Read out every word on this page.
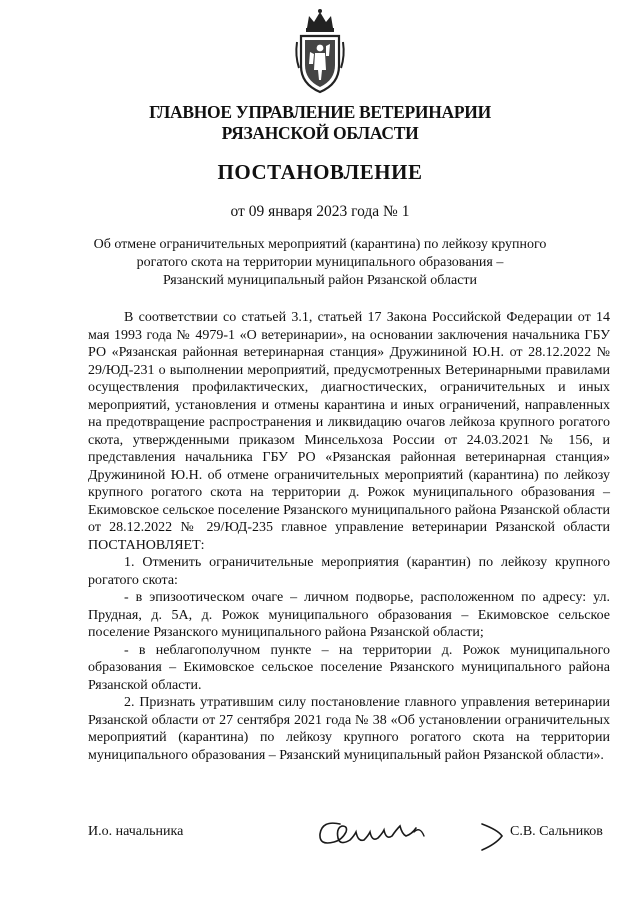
ГЛАВНОЕ УПРАВЛЕНИЕ ВЕТЕРИНАРИИ
РЯЗАНСКОЙ ОБЛАСТИ
ПОСТАНОВЛЕНИЕ
от 09 января 2023 года № 1
Об отмене ограничительных мероприятий (карантина) по лейкозу крупного
рогатого скота на территории муниципального образования –
Рязанский муниципальный район Рязанской области

В соответствии со статьей 3.1, статьей 17 Закона Российской Федерации от 14 мая 1993 года № 4979-1 «О ветеринарии», на основании заключения начальника ГБУ РО «Рязанская районная ветеринарная станция» Дружининой Ю.Н. от 28.12.2022 № 29/ЮД-231 о выполнении мероприятий, предусмотренных Ветеринарными правилами осуществления профилактических, диагностических, ограничительных и иных мероприятий, установления и отмены карантина и иных ограничений, направленных на предотвращение распространения и ликвидацию очагов лейкоза крупного рогатого скота, утвержденными приказом Минсельхоза России от 24.03.2021 № 156, и представления начальника ГБУ РО «Рязанская районная ветеринарная станция» Дружининой Ю.Н. об отмене ограничительных мероприятий (карантина) по лейкозу крупного рогатого скота на территории д. Рожок муниципального образования – Екимовское сельское поселение Рязанского муниципального района Рязанской области от 28.12.2022 № 29/ЮД-235 главное управление ветеринарии Рязанской области ПОСТАНОВЛЯЕТ:

1. Отменить ограничительные мероприятия (карантин) по лейкозу крупного рогатого скота:

- в эпизоотическом очаге – личном подворье, расположенном по адресу: ул. Прудная, д. 5А, д. Рожок муниципального образования – Екимовское сельское поселение Рязанского муниципального района Рязанской области;

- в неблагополучном пункте – на территории д. Рожок муниципального образования – Екимовское сельское поселение Рязанского муниципального района Рязанской области.

2. Признать утратившим силу постановление главного управления ветеринарии Рязанской области от 27 сентября 2021 года № 38 «Об установлении ограничительных мероприятий (карантина) по лейкозу крупного рогатого скота на территории муниципального образования – Рязанский муниципальный район Рязанской области».

И.о. начальника	С.В. Сальников
